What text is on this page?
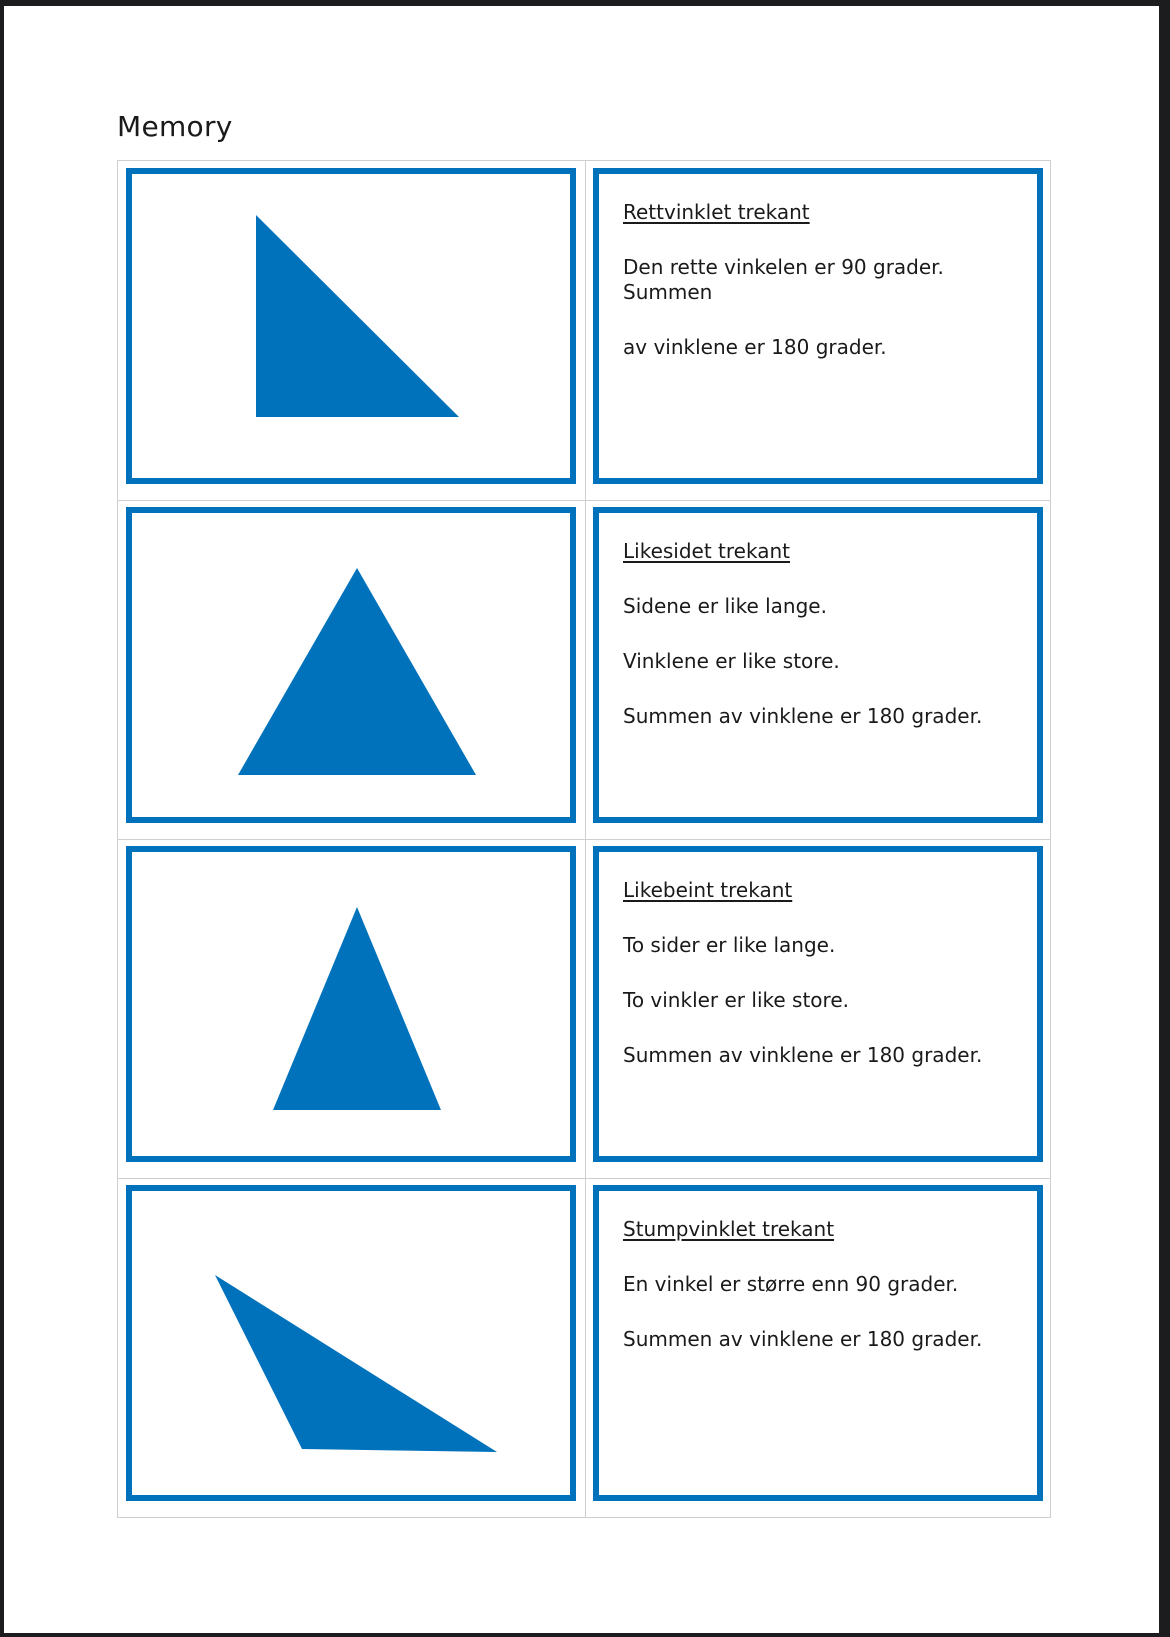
Memory
Rettvinklet trekant
Den rette vinkelen er 90 grader. Summen
av vinklene er 180 grader.
Likesidet trekant
Sidene er like lange.
Vinklene er like store.
Summen av vinklene er 180 grader.
Likebeint trekant
To sider er like lange.
To vinkler er like store.
Summen av vinklene er 180 grader.
Stumpvinklet trekant
En vinkel er større enn 90 grader.
Summen av vinklene er 180 grader.
